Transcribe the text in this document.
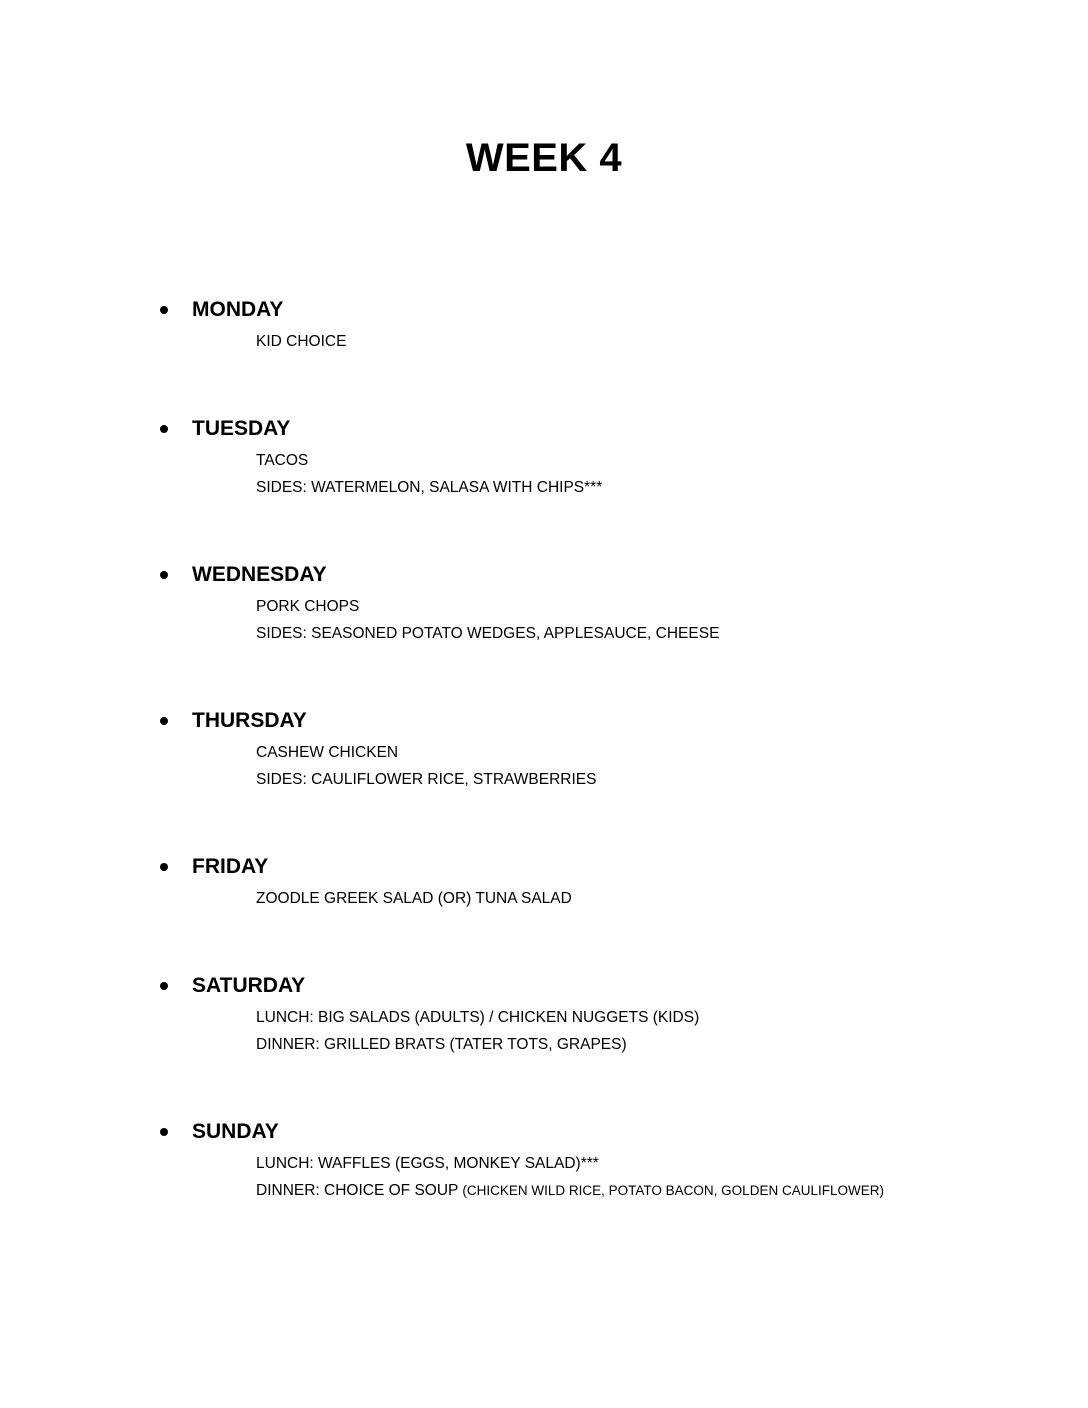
WEEK 4
MONDAY
KID CHOICE
TUESDAY
TACOS
SIDES: WATERMELON, SALASA WITH CHIPS***
WEDNESDAY
PORK CHOPS
SIDES: SEASONED POTATO WEDGES, APPLESAUCE, CHEESE
THURSDAY
CASHEW CHICKEN
SIDES: CAULIFLOWER RICE, STRAWBERRIES
FRIDAY
ZOODLE GREEK SALAD (OR) TUNA SALAD
SATURDAY
LUNCH: BIG SALADS (ADULTS) / CHICKEN NUGGETS (KIDS)
DINNER: GRILLED BRATS (TATER TOTS, GRAPES)
SUNDAY
LUNCH: WAFFLES (EGGS, MONKEY SALAD)***
DINNER: CHOICE OF SOUP (CHICKEN WILD RICE, POTATO BACON, GOLDEN CAULIFLOWER)
